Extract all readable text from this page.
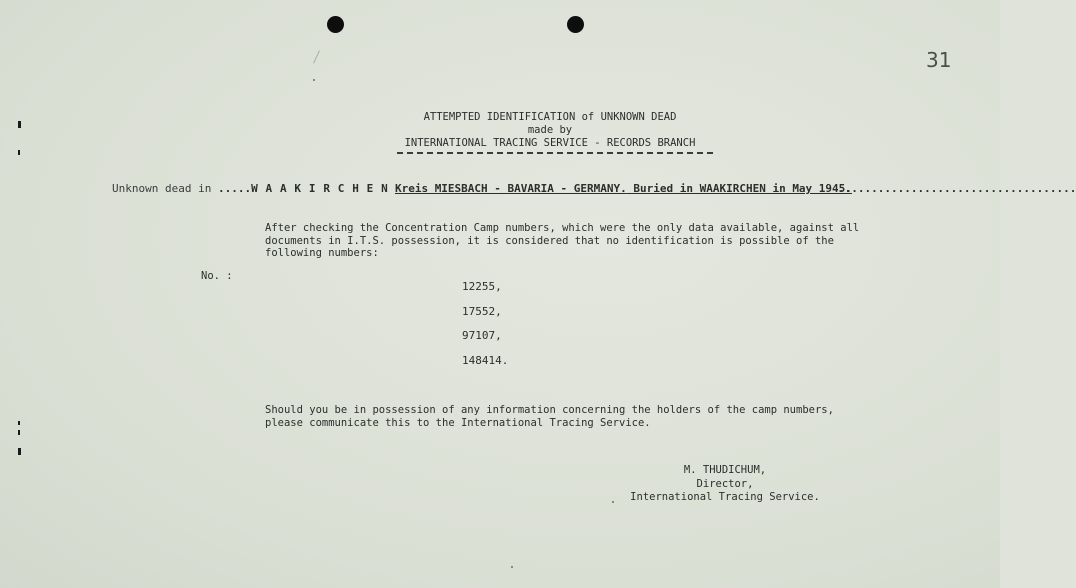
31
ATTEMPTED IDENTIFICATION of UNKNOWN DEAD
made by
INTERNATIONAL TRACING SERVICE - RECORDS BRANCH
Unknown dead in .....W A A K I R C H E N Kreis MIESBACH - BAVARIA - GERMANY. Buried in WAAKIRCHEN in May 1945.
....................................
After checking the Concentration Camp numbers, which were the only data available, against all documents in I.T.S. possession, it is considered that no identification is possible of the following numbers:
No. :
12255,
17552,
97107,
148414.
Should you be in possession of any information concerning the holders of the camp numbers, please communicate this to the International Tracing Service.
M. THUDICHUM,
Director,
International Tracing Service.
